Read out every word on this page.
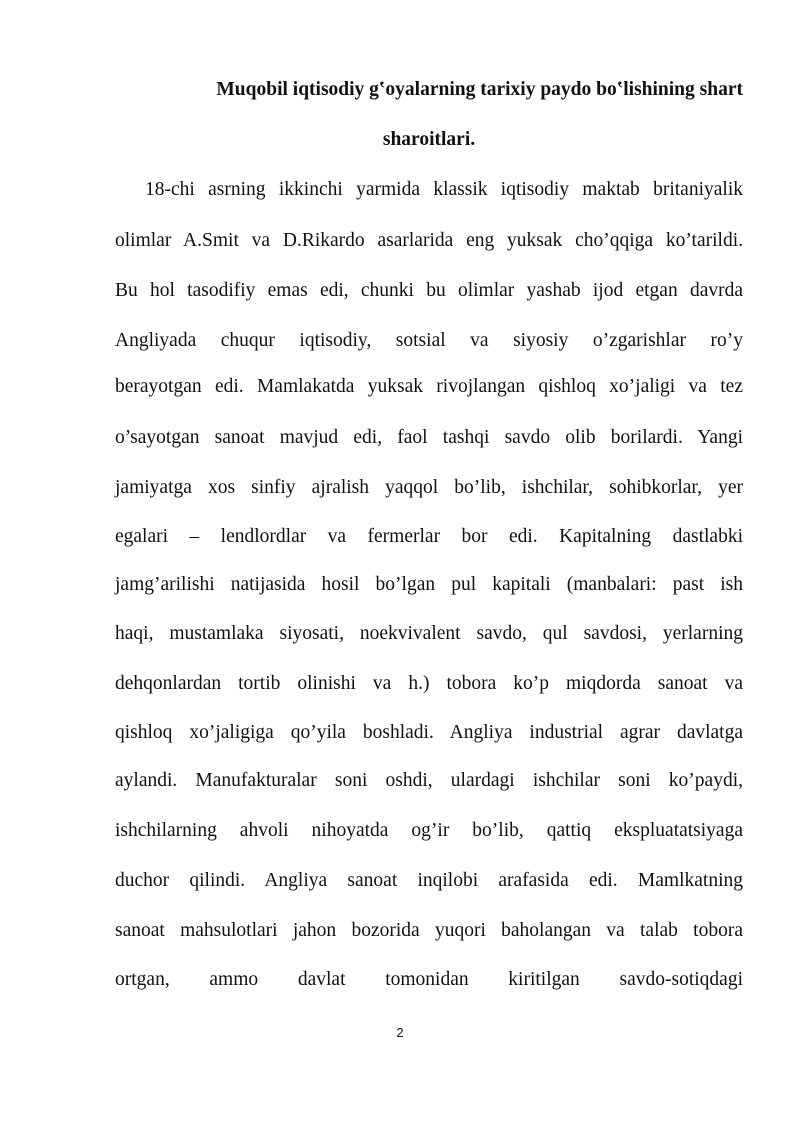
Muqobil iqtisodiy gʽoyalarning tarixiy paydo boʽlishining shart
sharoitlari.
18-chi asrning ikkinchi yarmida klassik iqtisodiy maktab britaniyalik
olimlar A.Smit va D.Rikardo asarlarida eng yuksak cho’qqiga ko’tarildi.
Bu hol tasodifiy emas edi, chunki bu olimlar yashab ijod etgan davrda
Angliyada chuqur iqtisodiy, sotsial va siyosiy o’zgarishlar ro’y
berayotgan edi. Mamlakatda yuksak rivojlangan qishloq xo’jaligi va tez
o’sayotgan sanoat mavjud edi, faol tashqi savdo olib borilardi. Yangi
jamiyatga xos sinfiy ajralish yaqqol bo’lib, ishchilar, sohibkorlar, yer
egalari – lendlordlar va fermerlar bor edi. Kapitalning dastlabki
jamg’arilishi natijasida hosil bo’lgan pul kapitali (manbalari: past ish
haqi, mustamlaka siyosati, noekvivalent savdo, qul savdosi, yerlarning
dehqonlardan tortib olinishi va h.) tobora ko’p miqdorda sanoat va
qishloq xo’jaligiga qo’yila boshladi. Angliya industrial agrar davlatga
aylandi. Manufakturalar soni oshdi, ulardagi ishchilar soni ko’paydi,
ishchilarning ahvoli nihoyatda og’ir bo’lib, qattiq ekspluatatsiyaga
duchor qilindi. Angliya sanoat inqilobi arafasida edi. Mamlkatning
sanoat mahsulotlari jahon bozorida yuqori baholangan va talab tobora
ortgan, ammo davlat tomonidan kiritilgan savdo-sotiqdagi
2
